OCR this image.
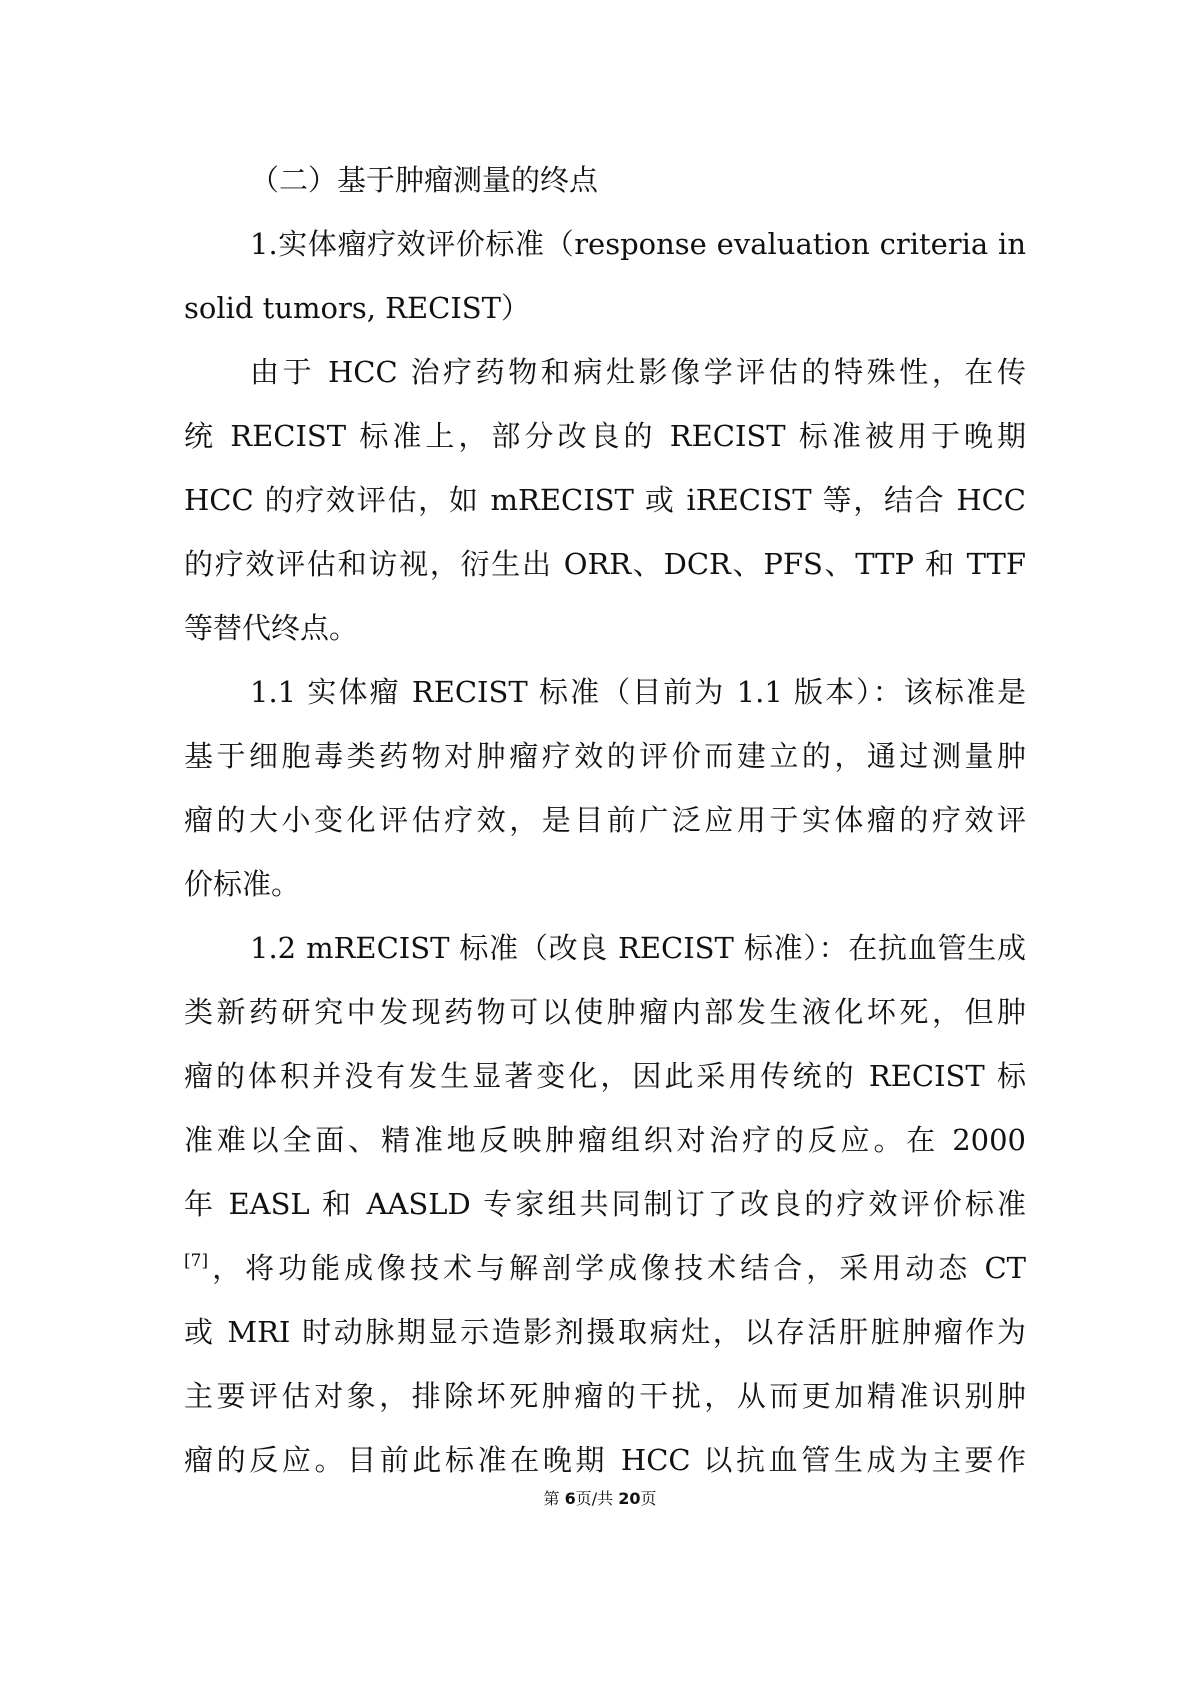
（二）基于肿瘤测量的终点
1.实体瘤疗效评价标准（response evaluation criteria in
solid tumors, RECIST）
由于 HCC 治疗药物和病灶影像学评估的特殊性，在传
统 RECIST 标准上，部分改良的 RECIST 标准被用于晚期
HCC 的疗效评估，如 mRECIST 或 iRECIST 等，结合 HCC
的疗效评估和访视，衍生出 ORR、DCR、PFS、TTP 和 TTF
等替代终点。
1.1 实体瘤 RECIST 标准（目前为 1.1 版本）：该标准是
基于细胞毒类药物对肿瘤疗效的评价而建立的，通过测量肿
瘤的大小变化评估疗效，是目前广泛应用于实体瘤的疗效评
价标准。
1.2 mRECIST 标准（改良 RECIST 标准）：在抗血管生成
类新药研究中发现药物可以使肿瘤内部发生液化坏死，但肿
瘤的体积并没有发生显著变化，因此采用传统的 RECIST 标
准难以全面、精准地反映肿瘤组织对治疗的反应。在 2000
年 EASL 和 AASLD 专家组共同制订了改良的疗效评价标准
[7]，将功能成像技术与解剖学成像技术结合，采用动态 CT
或 MRI 时动脉期显示造影剂摄取病灶，以存活肝脏肿瘤作为
主要评估对象，排除坏死肿瘤的干扰，从而更加精准识别肿
瘤的反应。目前此标准在晚期 HCC 以抗血管生成为主要作
第 6页/共 20页
